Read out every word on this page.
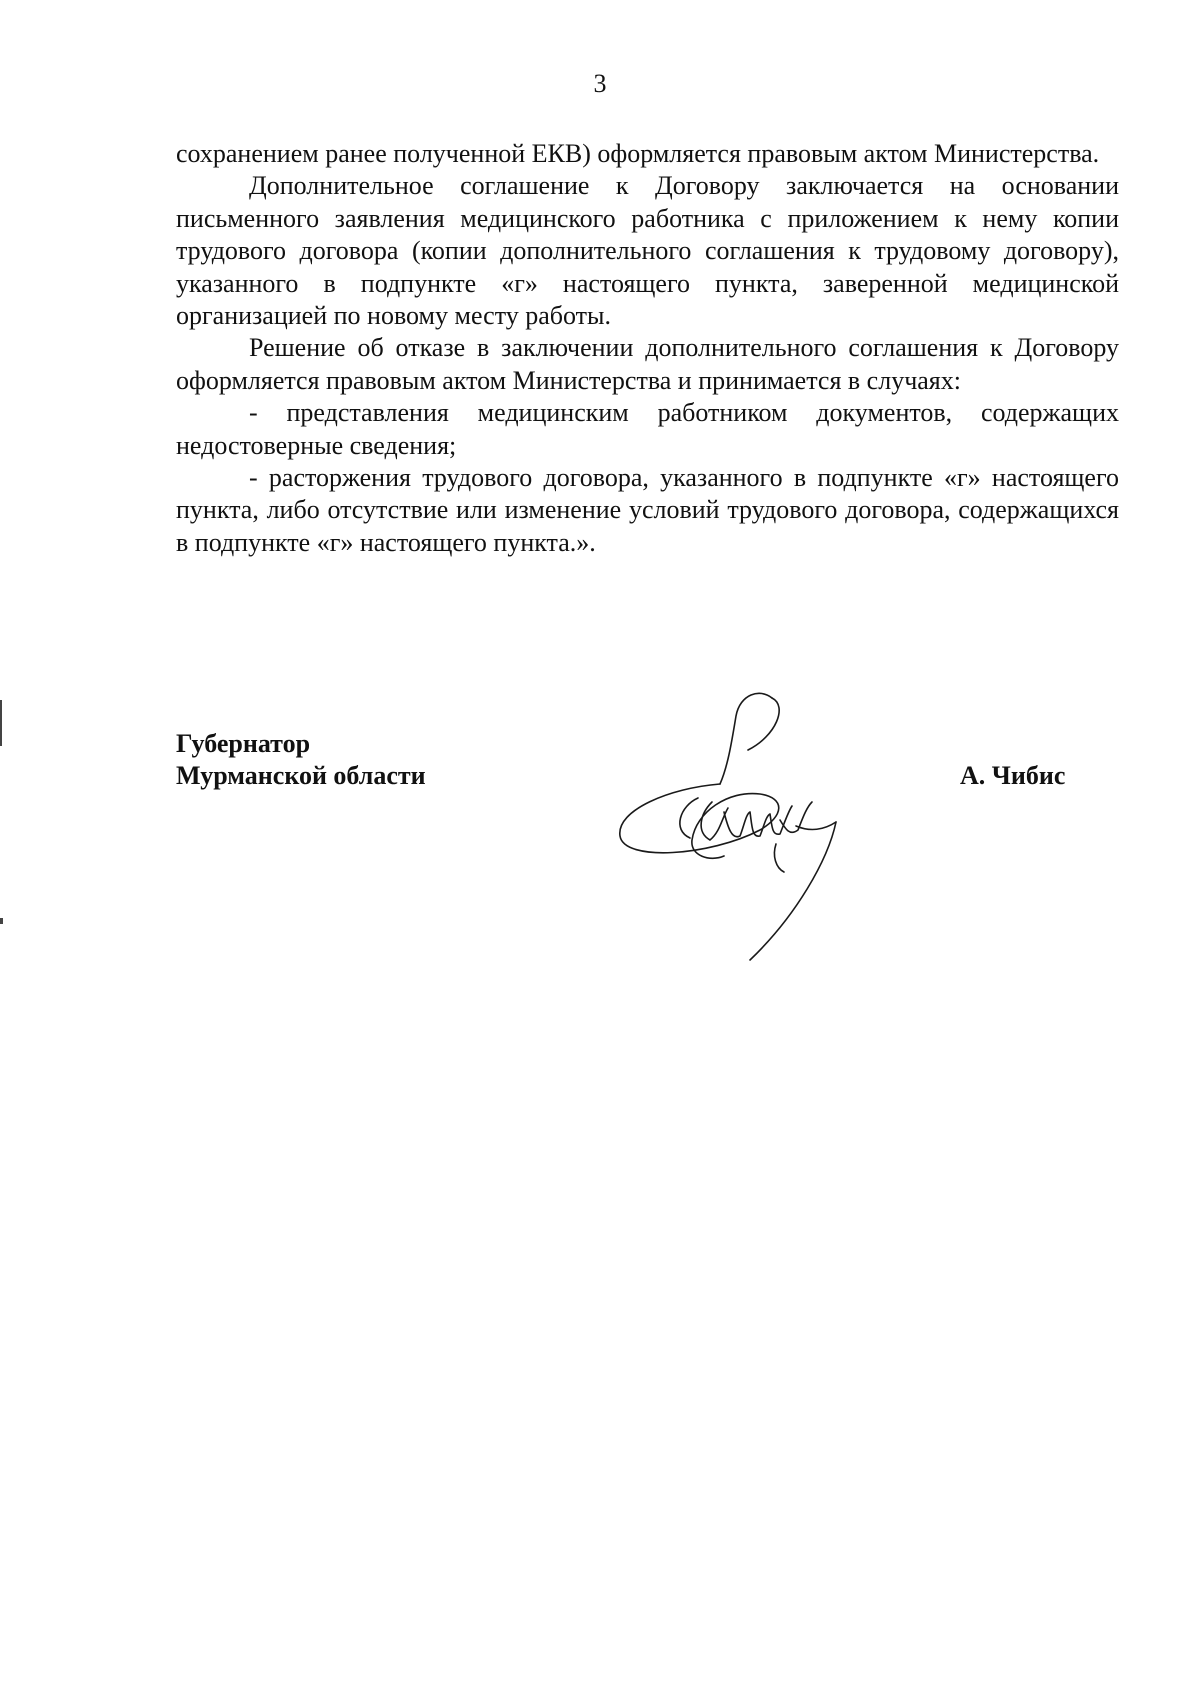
3

сохранением ранее полученной ЕКВ) оформляется правовым актом Министерства.

Дополнительное соглашение к Договору заключается на основании письменного заявления медицинского работника с приложением к нему копии трудового договора (копии дополнительного соглашения к трудовому договору), указанного в подпункте «г» настоящего пункта, заверенной медицинской организацией по новому месту работы.

Решение об отказе в заключении дополнительного соглашения к Договору оформляется правовым актом Министерства и принимается в случаях:

- представления медицинским работником документов, содержащих недостоверные сведения;

- расторжения трудового договора, указанного в подпункте «г» настоящего пункта, либо отсутствие или изменение условий трудового договора, содержащихся в подпункте «г» настоящего пункта.».

Губернатор
Мурманской области	А. Чибис
